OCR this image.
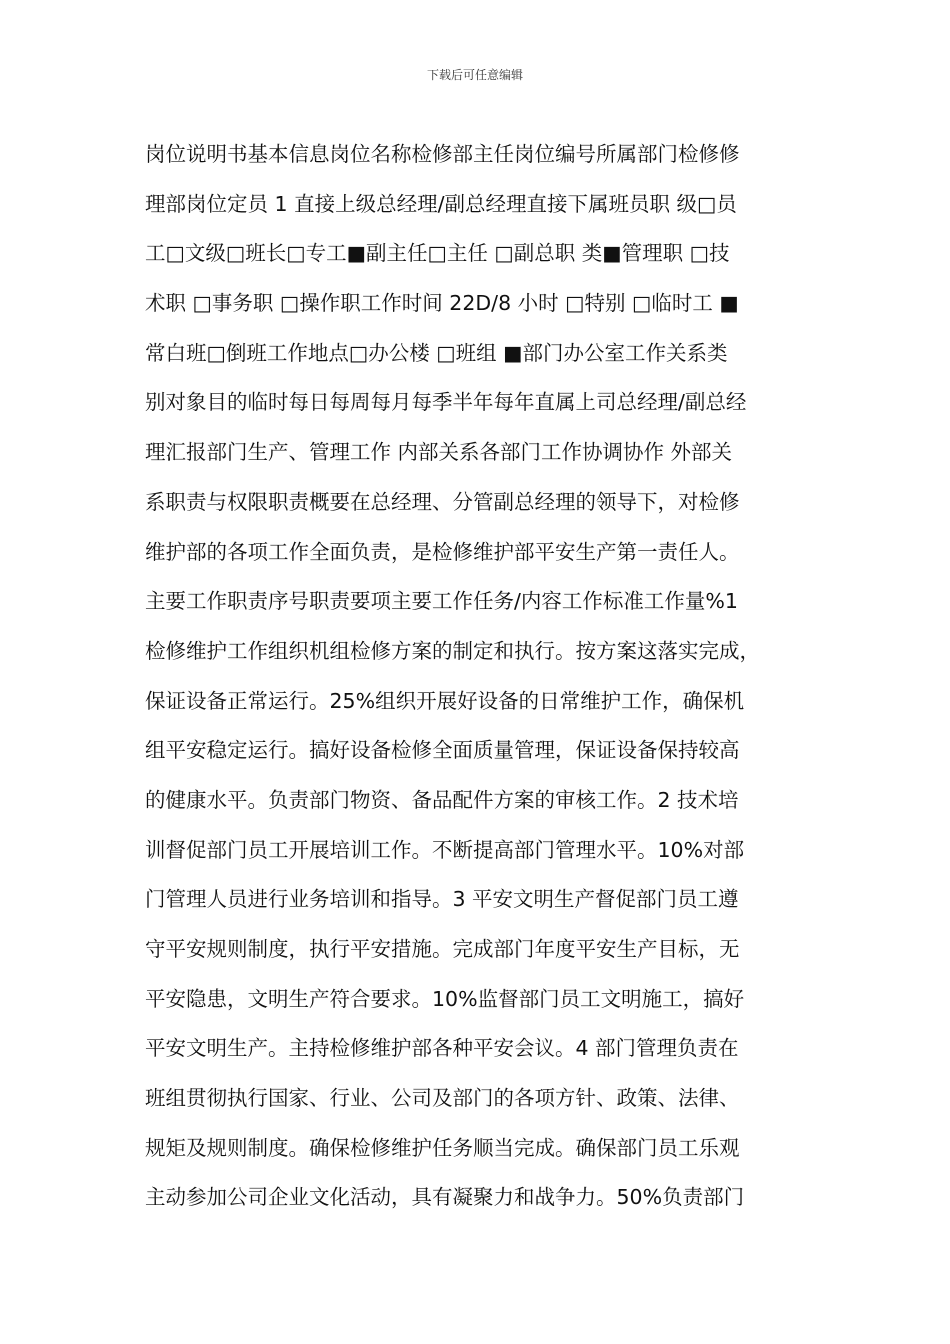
下载后可任意编辑
岗位说明书基本信息岗位名称检修部主任岗位编号所属部门检修修
理部岗位定员 1 直接上级总经理/副总经理直接下属班员职 级□员
工□文级□班长□专工■副主任□主任 □副总职 类■管理职 □技
术职 □事务职 □操作职工作时间 22D/8 小时 □特别 □临时工 ■
常白班□倒班工作地点□办公楼 □班组 ■部门办公室工作关系类
别对象目的临时每日每周每月每季半年每年直属上司总经理/副总经
理汇报部门生产、管理工作 内部关系各部门工作协调协作 外部关
系职责与权限职责概要在总经理、分管副总经理的领导下，对检修
维护部的各项工作全面负责，是检修维护部平安生产第一责任人。
主要工作职责序号职责要项主要工作任务/内容工作标准工作量%1
检修维护工作组织机组检修方案的制定和执行。按方案这落实完成，
保证设备正常运行。25%组织开展好设备的日常维护工作，确保机
组平安稳定运行。搞好设备检修全面质量管理，保证设备保持较高
的健康水平。负责部门物资、备品配件方案的审核工作。2 技术培
训督促部门员工开展培训工作。不断提高部门管理水平。10%对部
门管理人员进行业务培训和指导。3 平安文明生产督促部门员工遵
守平安规则制度，执行平安措施。完成部门年度平安生产目标，无
平安隐患，文明生产符合要求。10%监督部门员工文明施工，搞好
平安文明生产。主持检修维护部各种平安会议。4 部门管理负责在
班组贯彻执行国家、行业、公司及部门的各项方针、政策、法律、
规矩及规则制度。确保检修维护任务顺当完成。确保部门员工乐观
主动参加公司企业文化活动，具有凝聚力和战争力。50%负责部门
